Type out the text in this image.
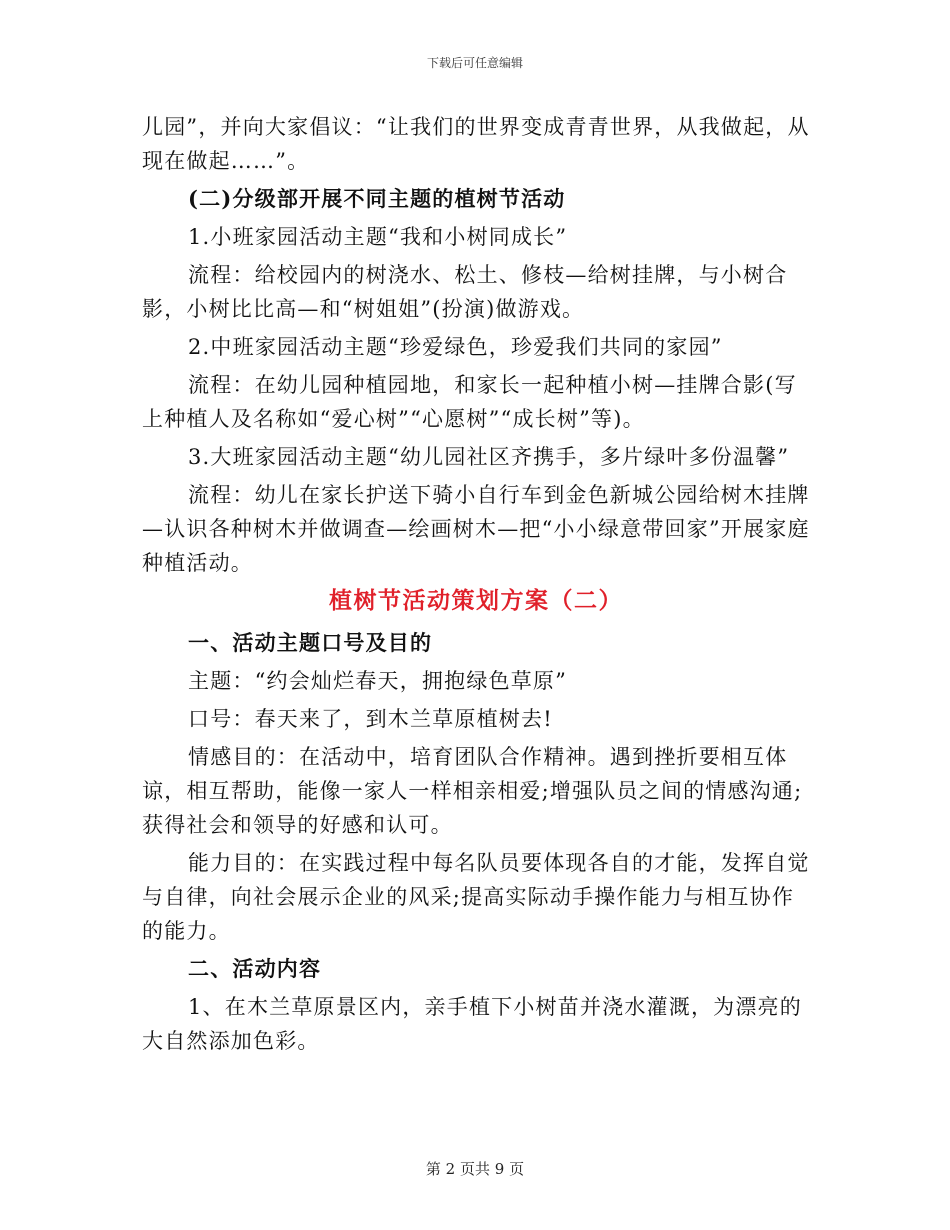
下载后可任意编辑

儿园”，并向大家倡议：“让我们的世界变成青青世界，从我做起，从现在做起……”。

(二)分级部开展不同主题的植树节活动

1.小班家园活动主题“我和小树同成长”

流程：给校园内的树浇水、松土、修枝—给树挂牌，与小树合影，小树比比高—和“树姐姐”(扮演)做游戏。

2.中班家园活动主题“珍爱绿色，珍爱我们共同的家园”

流程：在幼儿园种植园地，和家长一起种植小树—挂牌合影(写上种植人及名称如“爱心树”“心愿树”“成长树”等)。

3.大班家园活动主题“幼儿园社区齐携手，多片绿叶多份温馨”

流程：幼儿在家长护送下骑小自行车到金色新城公园给树木挂牌—认识各种树木并做调查—绘画树木—把“小小绿意带回家”开展家庭种植活动。

植树节活动策划方案（二）

一、活动主题口号及目的

主题：“约会灿烂春天，拥抱绿色草原”

口号：春天来了，到木兰草原植树去!

情感目的：在活动中，培育团队合作精神。遇到挫折要相互体谅，相互帮助，能像一家人一样相亲相爱;增强队员之间的情感沟通;获得社会和领导的好感和认可。

能力目的：在实践过程中每名队员要体现各自的才能，发挥自觉与自律，向社会展示企业的风采;提高实际动手操作能力与相互协作的能力。

二、活动内容

1、在木兰草原景区内，亲手植下小树苗并浇水灌溉，为漂亮的大自然添加色彩。

第 2 页共 9 页
